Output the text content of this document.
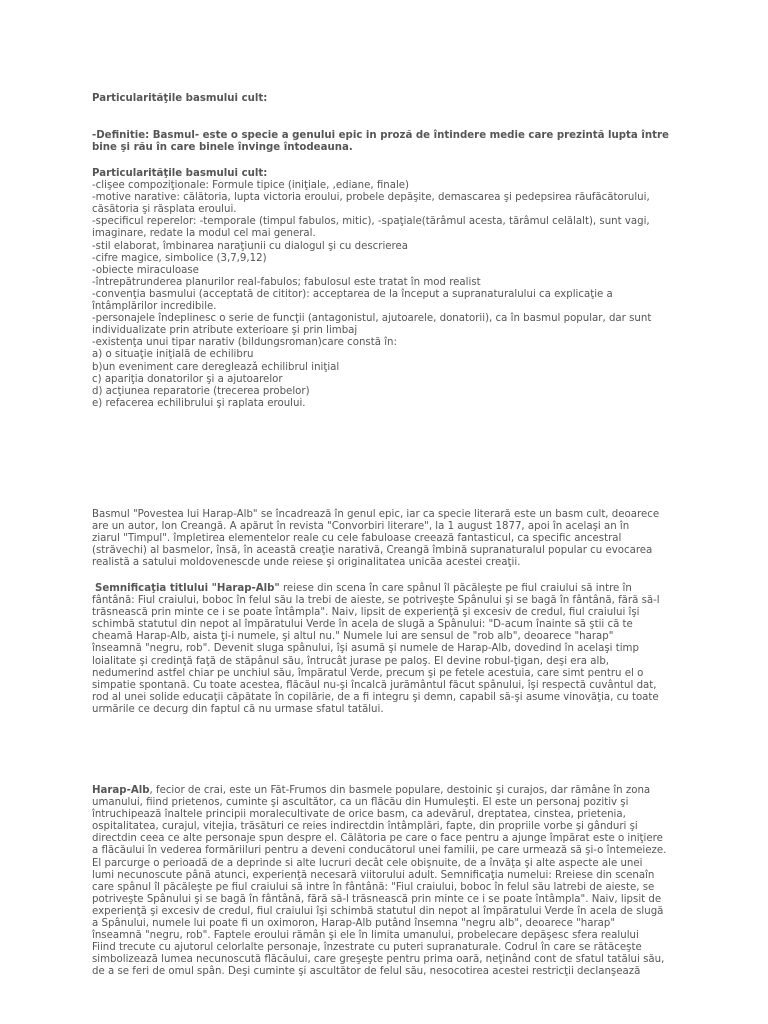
Particularităţile basmului cult:
-Definitie: Basmul- este o specie a genului epic in proză de întindere medie care prezintă lupta între
bine şi rău în care binele învinge întodeauna.
Particularităţile basmului cult:
-clişee compoziţionale: Formule tipice (iniţiale, ,ediane, finale)
-motive narative: călătoria, lupta victoria eroului, probele depăşite, demascarea şi pedepsirea răufăcătorului,
căsătoria şi răsplata eroului.
-specificul reperelor: -temporale (timpul fabulos, mitic), -spaţiale(tărâmul acesta, tărâmul celălalt), sunt vagi,
imaginare, redate la modul cel mai general.
-stil elaborat, îmbinarea naraţiunii cu dialogul şi cu descrierea
-cifre magice, simbolice (3,7,9,12)
-obiecte miraculoase
-întrepătrunderea planurilor real-fabulos; fabulosul este tratat în mod realist
-convenţia basmului (acceptată de cititor): acceptarea de la început a supranaturalului ca explicaţie a
întâmplărilor incredibile.
-personajele îndeplinesc o serie de funcţii (antagonistul, ajutoarele, donatorii), ca în basmul popular, dar sunt
individualizate prin atribute exterioare şi prin limbaj
-existenţa unui tipar narativ (bildungsroman)care constă în:
a) o situaţie iniţială de echilibru
b)un eveniment care deregleazǎ echilibrul iniţial
c) apariţia donatorilor şi a ajutoarelor
d) acţiunea reparatorie (trecerea probelor)
e) refacerea echilibrului şi raplata eroului.
Basmul "Povestea lui Harap-Alb" se încadrează în genul epic, iar ca specie literară este un basm cult, deoarece
are un autor, Ion Creangă. A apărut în revista "Convorbiri literare", la 1 august 1877, apoi în acelaşi an în
ziarul "Timpul". împletirea elementelor reale cu cele fabuloase creează fantasticul, ca specific ancestral
(străvechi) al basmelor, însă, în această creaţie narativă, Creangă îmbină supranaturalul popular cu evocarea
realistă a satului moldovenescde unde reiese şi originalitatea unicăa acestei creaţii.
Semnificaţia titlului "Harap-Alb" reiese din scena în care spânul îl păcăleşte pe fiul craiului să intre în
fântână: Fiul craiului, boboc în felul său la trebi de aieste, se potriveşte Spânului şi se bagă în fântână, fără să-l
trăsnească prin minte ce i se poate întâmpla". Naiv, lipsit de experienţă şi excesiv de credul, fiul craiului îşi
schimbă statutul din nepot al împăratului Verde în acela de slugă a Spânului: "D-acum înainte să ştii că te
cheamă Harap-Alb, aista ţi-i numele, şi altul nu." Numele lui are sensul de "rob alb", deoarece "harap"
înseamnă "negru, rob". Devenit sluga spânului, îşi asumă şi numele de Harap-Alb, dovedind în acelaşi timp
loialitate şi credinţă faţă de stăpânul său, întrucât jurase pe paloş. El devine robul-ţigan, deşi era alb,
nedumerind astfel chiar pe unchiul său, împăratul Verde, precum şi pe fetele acestuia, care simt pentru el o
simpatie spontană. Cu toate acestea, flăcăul nu-şi încalcă jurământul făcut spânului, îşi respectă cuvântul dat,
rod al unei solide educaţii căpătate în copilărie, de a fi integru şi demn, capabil să-şi asume vinovăţia, cu toate
urmările ce decurg din faptul că nu urmase sfatul tatălui.
Harap-Alb, fecior de crai, este un Făt-Frumos din basmele populare, destoinic şi curajos, dar rămâne în zona
umanului, fiind prietenos, cuminte şi ascultător, ca un flăcău din Humuleşti. El este un personaj pozitiv şi
întruchipează înaltele principii moralecultivate de orice basm, ca adevărul, dreptatea, cinstea, prietenia,
ospitalitatea, curajul, vitejia, trăsături ce reies indirectdin întâmplări, fapte, din propriile vorbe şi gânduri şi
directdin ceea ce alte personaje spun despre el. Călătoria pe care o face pentru a ajunge împărat este o iniţiere
a flăcăului în vederea formăriiluri pentru a deveni conducătorul unei familii, pe care urmează să şi-o întemeieze.
El parcurge o perioadă de a deprinde si alte lucruri decât cele obişnuite, de a învăţa şi alte aspecte ale unei
lumi necunoscute până atunci, experienţă necesară viitorului adult. Semnificaţia numelui: Rreiese din scenaîn
care spânul îl păcăleşte pe fiul craiului să intre în fântână: "Fiul craiului, boboc în felul său latrebi de aieste, se
potriveşte Spânului şi se bagă în fântână, fără să-l trăsnească prin minte ce i se poate întâmpla". Naiv, lipsit de
experienţă şi excesiv de credul, fiul craiului îşi schimbă statutul din nepot al împăratului Verde în acela de slugă
a Spânului, numele lui poate fi un oximoron, Harap-Alb putând însemna "negru alb", deoarece "harap"
înseamnă "negru, rob". Faptele eroului rămân şi ele în limita umanului, probelecare depăşesc sfera realului
Fiind trecute cu ajutorul celorlalte personaje, înzestrate cu puteri supranaturale. Codrul în care se rătăceşte
simbolizează lumea necunoscută flăcăului, care greşeşte pentru prima oară, neţinând cont de sfatul tatălui său,
de a se feri de omul spân. Deşi cuminte şi ascultător de felul său, nesocotirea acestei restricţii declanşează
